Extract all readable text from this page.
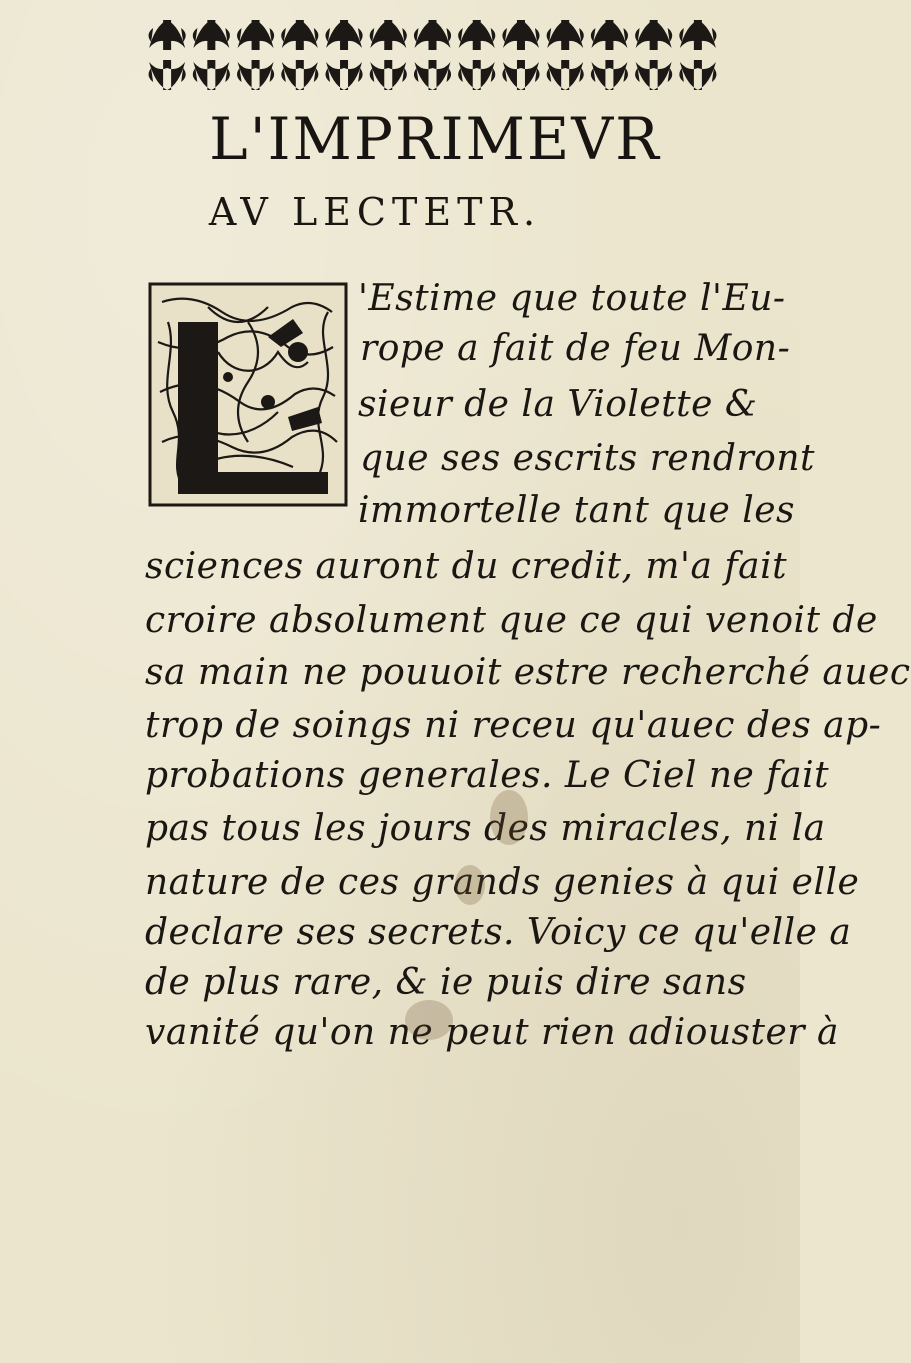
L'IMPRIMEVR
AV LECTETR.
I
'Estime que toute l'Eu-
rope a fait de feu Mon-
sieur de la Violette &
que ses escrits rendront
immortelle tant que les
sciences auront du credit, m'a fait
croire absolument que ce qui venoit de
sa main ne pouuoit estre recherché auec
trop de soings ni receu qu'auec des ap-
probations generales. Le Ciel ne fait
pas tous les jours des miracles, ni la
nature de ces grands genies à qui elle
declare ses secrets. Voicy ce qu'elle a
de plus rare, & ie puis dire sans
vanité qu'on ne peut rien adiouster à
